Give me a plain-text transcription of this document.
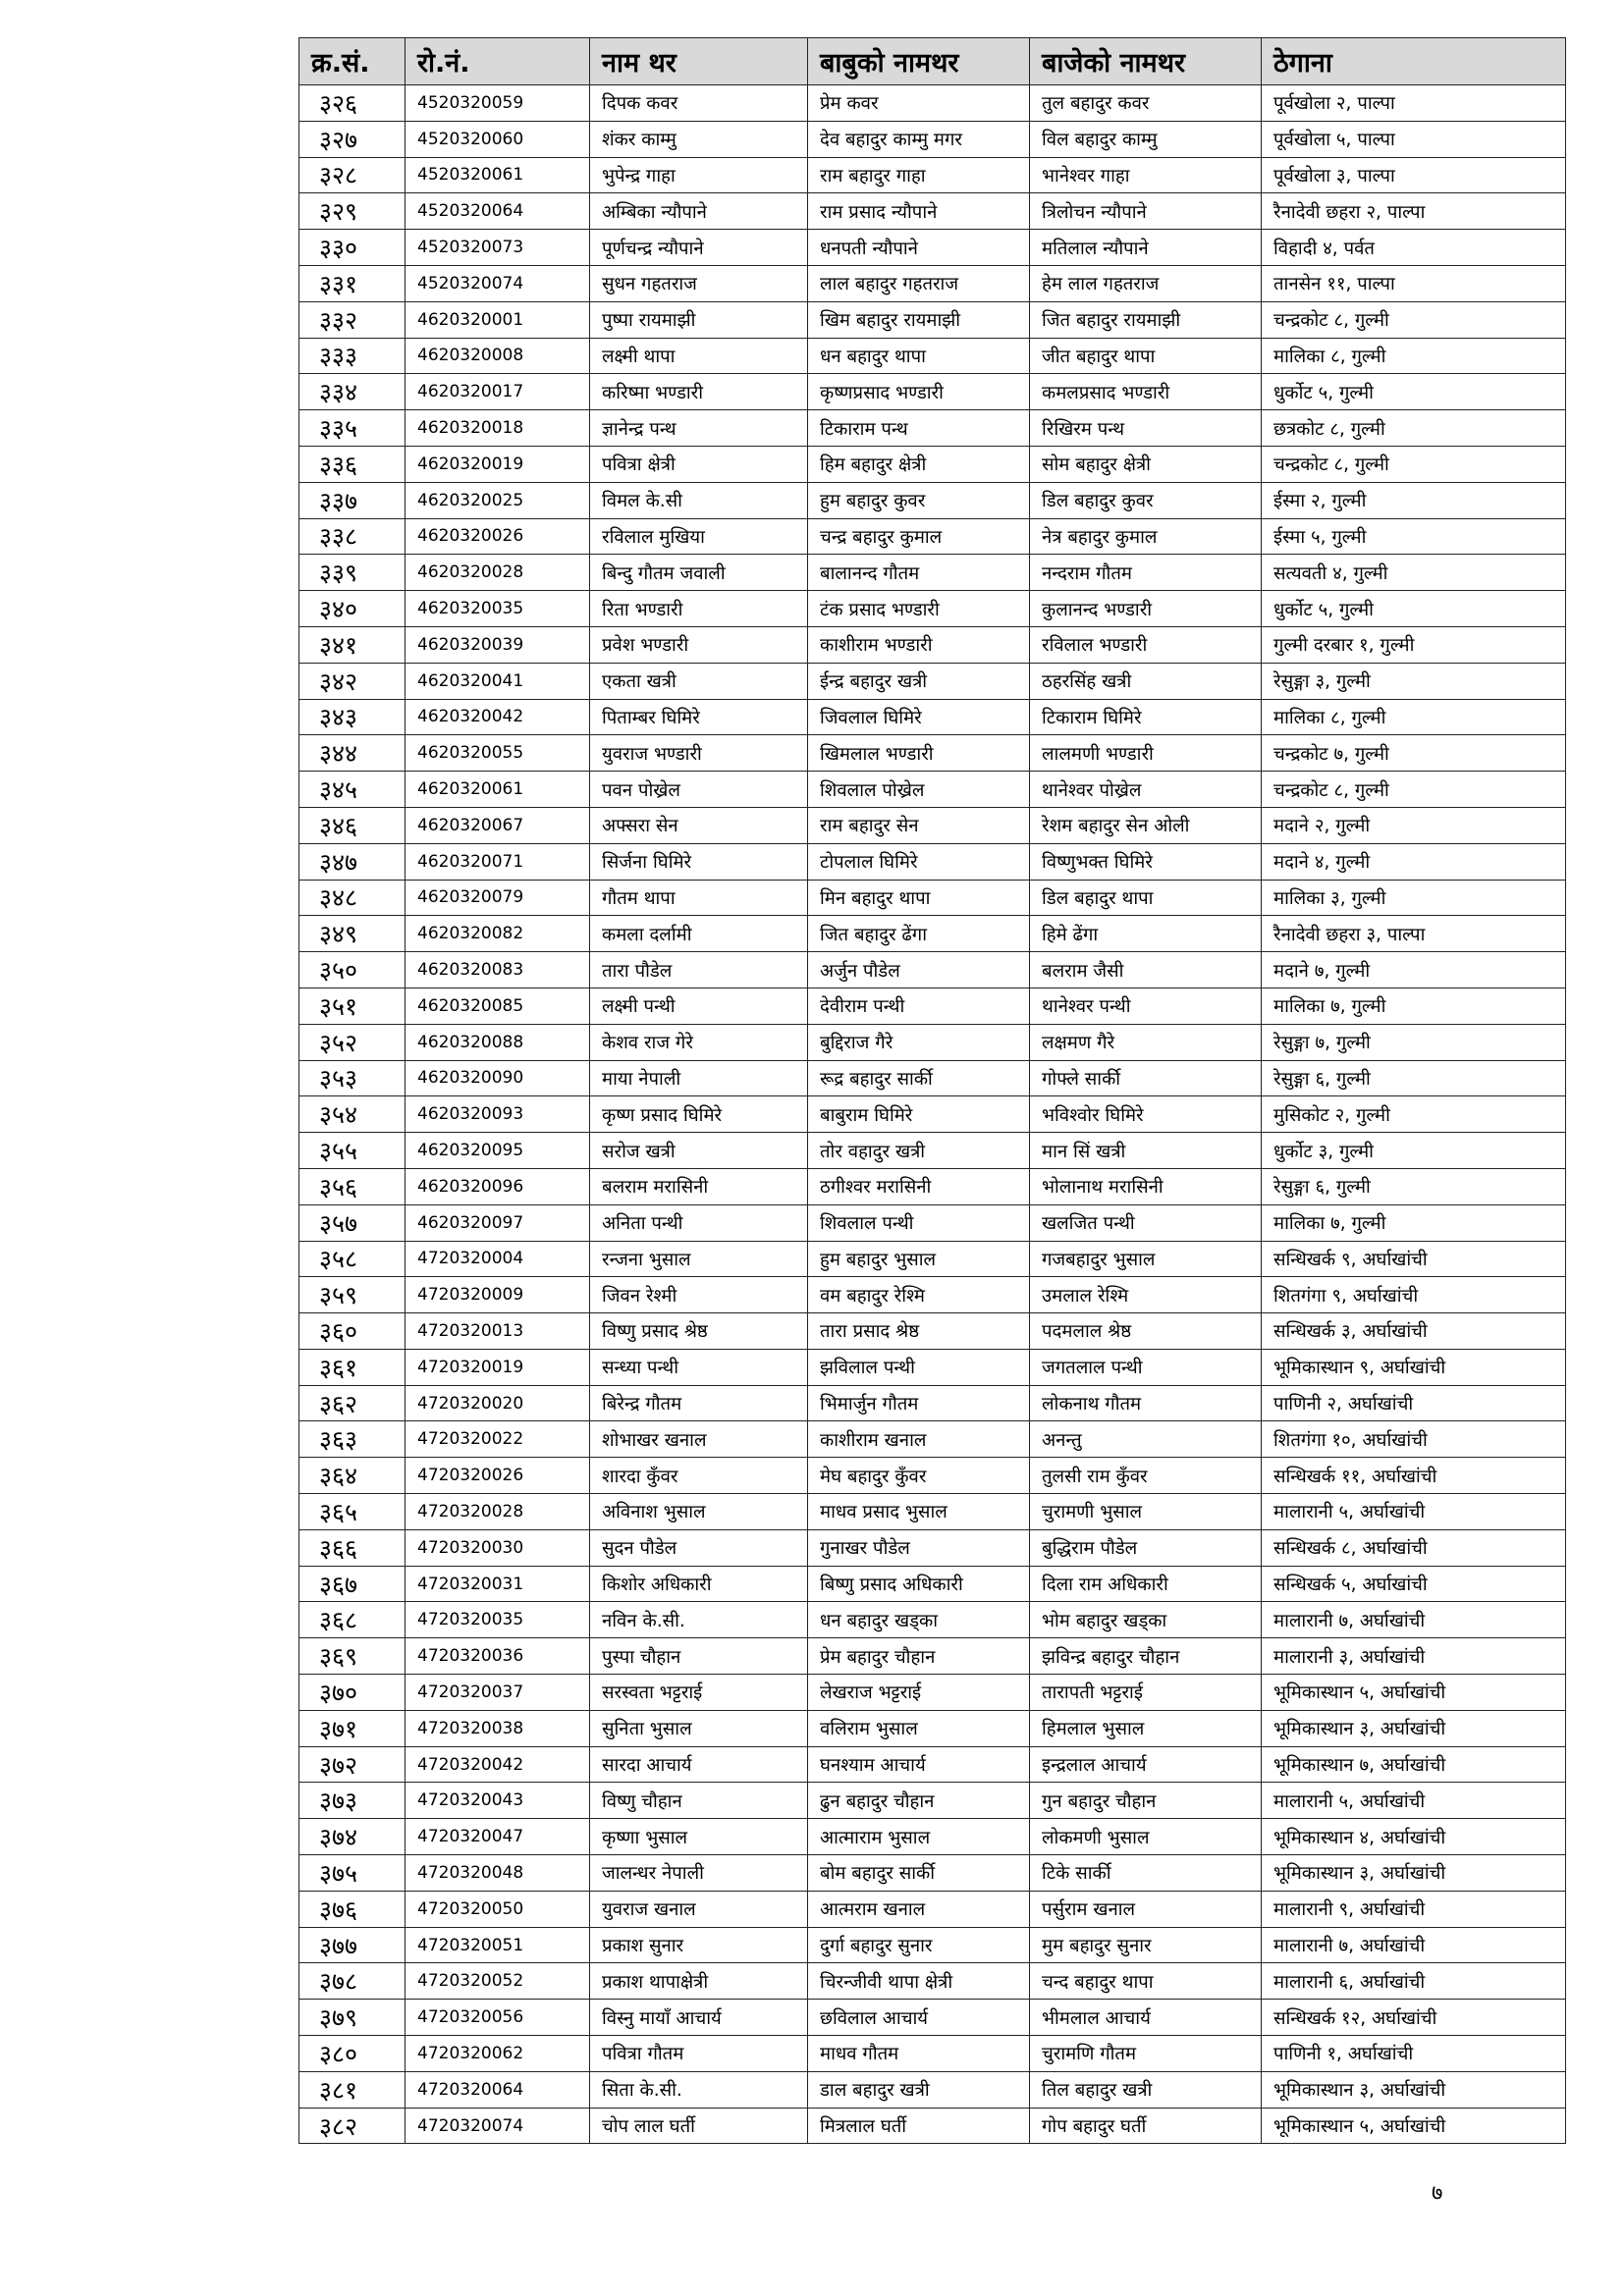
क्र.सं.	रो.नं.	नाम थर	बाबुको नामथर	बाजेको नामथर	ठेगाना
३२६	4520320059	दिपक कवर	प्रेम कवर	तुल बहादुर कवर	पूर्वखोला २, पाल्पा
३२७	4520320060	शंकर काम्मु	देव बहादुर काम्मु मगर	विल बहादुर काम्मु	पूर्वखोला ५, पाल्पा
३२८	4520320061	भुपेन्द्र गाहा	राम बहादुर गाहा	भानेश्वर गाहा	पूर्वखोला ३, पाल्पा
३२९	4520320064	अम्बिका न्यौपाने	राम प्रसाद न्यौपाने	त्रिलोचन न्यौपाने	रैनादेवी छहरा २, पाल्पा
३३०	4520320073	पूर्णचन्द्र न्यौपाने	धनपती न्यौपाने	मतिलाल न्यौपाने	विहादी ४, पर्वत
३३१	4520320074	सुधन गहतराज	लाल बहादुर गहतराज	हेम लाल गहतराज	तानसेन ११, पाल्पा
३३२	4620320001	पुष्पा रायमाझी	खिम बहादुर रायमाझी	जित बहादुर रायमाझी	चन्द्रकोट ८, गुल्मी
३३३	4620320008	लक्ष्मी थापा	धन बहादुर थापा	जीत बहादुर थापा	मालिका ८, गुल्मी
३३४	4620320017	करिष्मा भण्डारी	कृष्णप्रसाद भण्डारी	कमलप्रसाद भण्डारी	धुर्कोट ५, गुल्मी
३३५	4620320018	ज्ञानेन्द्र पन्थ	टिकाराम पन्थ	रिखिरम पन्थ	छत्रकोट ८, गुल्मी
३३६	4620320019	पवित्रा क्षेत्री	हिम बहादुर क्षेत्री	सोम बहादुर क्षेत्री	चन्द्रकोट ८, गुल्मी
३३७	4620320025	विमल के.सी	हुम बहादुर कुवर	डिल बहादुर कुवर	ईस्मा २, गुल्मी
३३८	4620320026	रविलाल मुखिया	चन्द्र बहादुर कुमाल	नेत्र बहादुर कुमाल	ईस्मा ५, गुल्मी
३३९	4620320028	बिन्दु गौतम जवाली	बालानन्द गौतम	नन्दराम गौतम	सत्यवती ४, गुल्मी
३४०	4620320035	रिता भण्डारी	टंक प्रसाद भण्डारी	कुलानन्द भण्डारी	धुर्कोट ५, गुल्मी
३४१	4620320039	प्रवेश भण्डारी	काशीराम भण्डारी	रविलाल भण्डारी	गुल्मी दरबार १, गुल्मी
३४२	4620320041	एकता खत्री	ईन्द्र बहादुर खत्री	ठहरसिंह खत्री	रेसुङ्गा ३, गुल्मी
३४३	4620320042	पिताम्बर घिमिरे	जिवलाल घिमिरे	टिकाराम घिमिरे	मालिका ८, गुल्मी
३४४	4620320055	युवराज भण्डारी	खिमलाल भण्डारी	लालमणी भण्डारी	चन्द्रकोट ७, गुल्मी
३४५	4620320061	पवन पोख्रेल	शिवलाल पोख्रेल	थानेश्वर पोख्रेल	चन्द्रकोट ८, गुल्मी
३४६	4620320067	अफ्सरा सेन	राम बहादुर सेन	रेशम बहादुर सेन ओली	मदाने २, गुल्मी
३४७	4620320071	सिर्जना घिमिरे	टोपलाल घिमिरे	विष्णुभक्त घिमिरे	मदाने ४, गुल्मी
३४८	4620320079	गौतम थापा	मिन बहादुर थापा	डिल बहादुर थापा	मालिका ३, गुल्मी
३४९	4620320082	कमला दर्लामी	जित बहादुर ढेंगा	हिमे ढेंगा	रैनादेवी छहरा ३, पाल्पा
३५०	4620320083	तारा पौडेल	अर्जुन पौडेल	बलराम जैसी	मदाने ७, गुल्मी
३५१	4620320085	लक्ष्मी पन्थी	देवीराम पन्थी	थानेश्वर पन्थी	मालिका ७, गुल्मी
३५२	4620320088	केशव राज गेरे	बुद्दिराज गैरे	लक्षमण गैरे	रेसुङ्गा ७, गुल्मी
३५३	4620320090	माया नेपाली	रूद्र बहादुर सार्की	गोफ्ले सार्की	रेसुङ्गा ६, गुल्मी
३५४	4620320093	कृष्ण प्रसाद घिमिरे	बाबुराम घिमिरे	भविश्वोर घिमिरे	मुसिकोट २, गुल्मी
३५५	4620320095	सरोज खत्री	तोर वहादुर खत्री	मान सिं खत्री	धुर्कोट ३, गुल्मी
३५६	4620320096	बलराम मरासिनी	ठगीश्वर मरासिनी	भोलानाथ मरासिनी	रेसुङ्गा ६, गुल्मी
३५७	4620320097	अनिता पन्थी	शिवलाल पन्थी	खलजित पन्थी	मालिका ७, गुल्मी
३५८	4720320004	रन्जना भुसाल	हुम बहादुर भुसाल	गजबहादुर भुसाल	सन्धिखर्क ९, अर्घाखांची
३५९	4720320009	जिवन रेश्मी	वम बहादुर रेश्मि	उमलाल रेश्मि	शितगंगा ९, अर्घाखांची
३६०	4720320013	विष्णु प्रसाद श्रेष्ठ	तारा प्रसाद श्रेष्ठ	पदमलाल श्रेष्ठ	सन्धिखर्क ३, अर्घाखांची
३६१	4720320019	सन्ध्या पन्थी	झविलाल पन्थी	जगतलाल पन्थी	भूमिकास्थान ९, अर्घाखांची
३६२	4720320020	बिरेन्द्र गौतम	भिमार्जुन गौतम	लोकनाथ गौतम	पाणिनी २, अर्घाखांची
३६३	4720320022	शोभाखर खनाल	काशीराम खनाल	अनन्तु	शितगंगा १०, अर्घाखांची
३६४	4720320026	शारदा कुँवर	मेघ बहादुर कुँवर	तुलसी राम कुँवर	सन्धिखर्क ११, अर्घाखांची
३६५	4720320028	अविनाश भुसाल	माधव प्रसाद भुसाल	चुरामणी भुसाल	मालारानी ५, अर्घाखांची
३६६	4720320030	सुदन पौडेल	गुनाखर पौडेल	बुद्धिराम पौडेल	सन्धिखर्क ८, अर्घाखांची
३६७	4720320031	किशोर अधिकारी	बिष्णु प्रसाद अधिकारी	दिला राम अधिकारी	सन्धिखर्क ५, अर्घाखांची
३६८	4720320035	नविन के.सी.	धन बहादुर खड्का	भोम बहादुर खड्का	मालारानी ७, अर्घाखांची
३६९	4720320036	पुस्पा चौहान	प्रेम बहादुर चौहान	झविन्द्र बहादुर चौहान	मालारानी ३, अर्घाखांची
३७०	4720320037	सरस्वता भट्टराई	लेखराज भट्टराई	तारापती भट्टराई	भूमिकास्थान ५, अर्घाखांची
३७१	4720320038	सुनिता भुसाल	वलिराम भुसाल	हिमलाल भुसाल	भूमिकास्थान ३, अर्घाखांची
३७२	4720320042	सारदा आचार्य	घनश्याम आचार्य	इन्द्रलाल आचार्य	भूमिकास्थान ७, अर्घाखांची
३७३	4720320043	विष्णु चौहान	ढुन बहादुर चौहान	गुन बहादुर चौहान	मालारानी ५, अर्घाखांची
३७४	4720320047	कृष्णा भुसाल	आत्माराम भुसाल	लोकमणी भुसाल	भूमिकास्थान ४, अर्घाखांची
३७५	4720320048	जालन्धर नेपाली	बोम बहादुर सार्की	टिके सार्की	भूमिकास्थान ३, अर्घाखांची
३७६	4720320050	युवराज खनाल	आत्मराम खनाल	पर्सुराम खनाल	मालारानी ९, अर्घाखांची
३७७	4720320051	प्रकाश सुनार	दुर्गा बहादुर सुनार	मुम बहादुर सुनार	मालारानी ७, अर्घाखांची
३७८	4720320052	प्रकाश थापाक्षेत्री	चिरन्जीवी थापा क्षेत्री	चन्द बहादुर थापा	मालारानी ६, अर्घाखांची
३७९	4720320056	विस्नु मायाँ आचार्य	छविलाल आचार्य	भीमलाल आचार्य	सन्धिखर्क १२, अर्घाखांची
३८०	4720320062	पवित्रा गौतम	माधव गौतम	चुरामणि गौतम	पाणिनी १, अर्घाखांची
३८१	4720320064	सिता के.सी.	डाल बहादुर खत्री	तिल बहादुर खत्री	भूमिकास्थान ३, अर्घाखांची
३८२	4720320074	चोप लाल घर्ती	मित्रलाल घर्ती	गोप बहादुर घर्ती	भूमिकास्थान ५, अर्घाखांची
७
